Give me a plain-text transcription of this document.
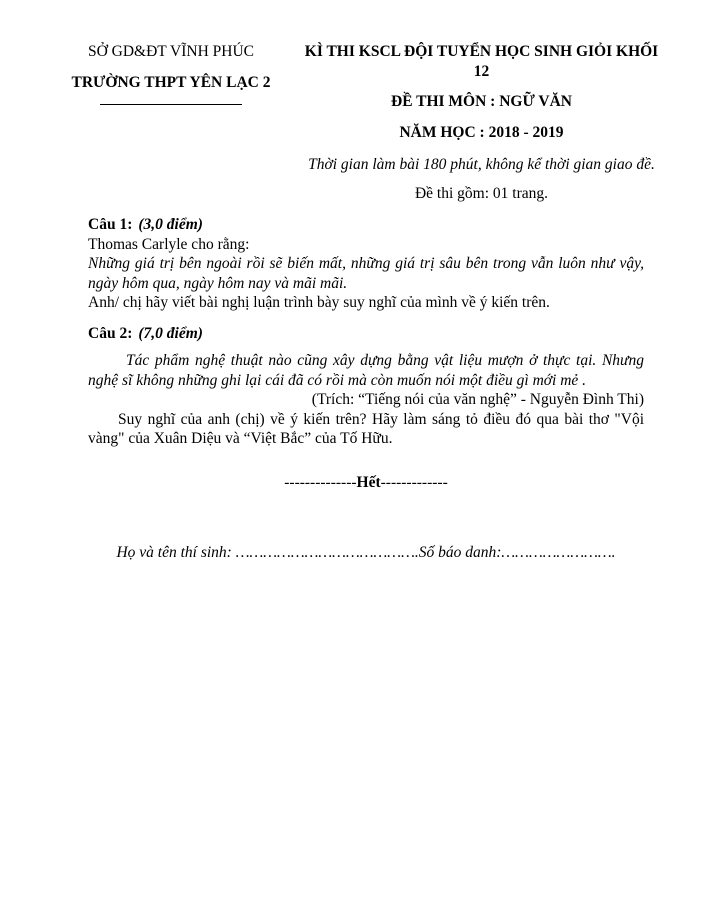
SỞ GD&ĐT VĨNH PHÚC
TRƯỜNG THPT YÊN LẠC 2
KÌ THI KSCL ĐỘI TUYỂN HỌC SINH GIỎI KHỐI 12
ĐỀ THI MÔN : NGỮ VĂN
NĂM HỌC : 2018 - 2019
Thời gian làm bài 180 phút, không kể thời gian giao đề.
Đề thi gồm: 01 trang.
Câu 1: (3,0 điểm)
Thomas Carlyle cho rằng:
Những giá trị bên ngoài rồi sẽ biến mất, những giá trị sâu bên trong vẫn luôn như vậy, ngày hôm qua, ngày hôm nay và mãi mãi.
Anh/ chị hãy viết bài nghị luận trình bày suy nghĩ của mình về ý kiến trên.
Câu 2: (7,0 điểm)
Tác phẩm nghệ thuật nào cũng xây dựng bằng vật liệu mượn ở thực tại. Nhưng nghệ sĩ không những ghi lại cái đã có rồi mà còn muốn nói một điều gì mới mẻ .
(Trích: “Tiếng nói của văn nghệ” - Nguyễn Đình Thi)
Suy nghĩ của anh (chị) về ý kiến trên? Hãy làm sáng tỏ điều đó qua bài thơ "Vội vàng" của Xuân Diệu và “Việt Bắc” của Tố Hữu.
--------------Hết-------------
Họ và tên thí sinh: ………………………………….Số báo danh:…………………….
